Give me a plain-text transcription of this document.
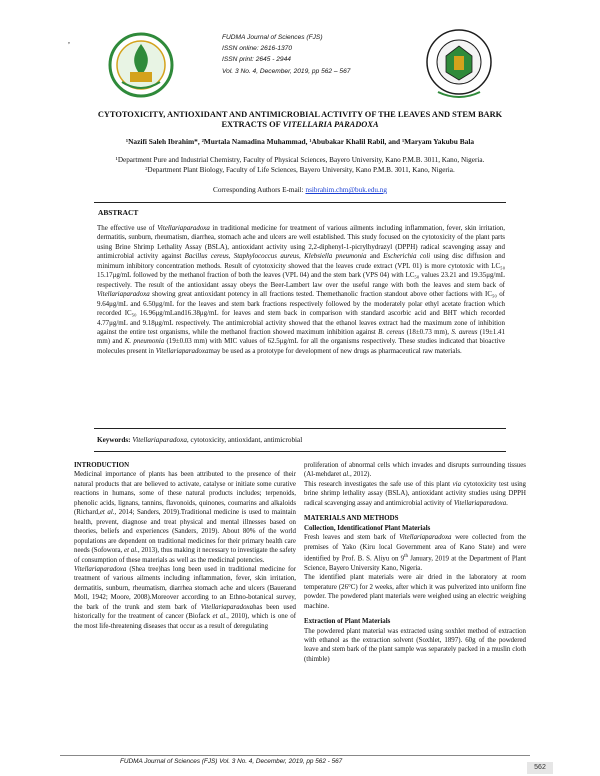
,	FUDMA Journal of Sciences (FJS)
ISSN online: 2616-1370
ISSN print: 2645 - 2944
Vol. 3 No. 4, December, 2019, pp 562 – 567
CYTOTOXICITY, ANTIOXIDANT AND ANTIMICROBIAL ACTIVITY OF THE LEAVES AND STEM BARK
EXTRACTS OF VITELLARIA PARADOXA
¹Nazifi Saleh Ibrahim*, ²Murtala Namadina Muhammad, ¹Abubakar Khalil Rabil, and ¹Maryam Yakubu Bala
¹Department Pure and Industrial Chemistry, Faculty of Physical Sciences, Bayero University, Kano P.M.B. 3011, Kano, Nigeria.
²Department Plant Biology, Faculty of Life Sciences, Bayero University, Kano P.M.B. 3011, Kano, Nigeria.
Corresponding Authors E-mail: nsibrahim.chm@buk.edu.ng
ABSTRACT
The effective use of Vitellariaparadoxa in traditional medicine for treatment of various ailments including inflammation, fever, skin irritation, dermatitis, sunburn, rheumatism, diarrhea, stomach ache and ulcers are well established. This study focused on the cytotoxicity of the plant parts using Brine Shrimp Lethality Assay (BSLA), antioxidant activity using 2,2-diphenyl-1-picrylhydrazyl (DPPH) radical scavenging assay and antimicrobial activity against Bacillus cereus, Staphylococcus aureus, Klebsiella pneumonia and Escherichia coli using disc diffusion and minimum inhibitory concentration methods. Result of cytotoxicity showed that the leaves crude extract (VPL 01) is more cytotoxic with LC₅₀ 15.17μg/mL followed by the methanol fraction of both the leaves (VPL 04) and the stem bark (VPS 04) with LC₅₀ values 23.21 and 19.35μg/mL respectively. The result of the antioxidant assay obeys the Beer-Lambert law over the useful range with both the leaves and stem back of Vitellariaparadoxa showing great antioxidant potency in all fractions tested. Themethanolic fraction standout above other factions with IC₅₀ of 9.64μg/mL and 6.50μg/mL for the leaves and stem bark fractions respectively followed by the moderately polar ethyl acetate fraction which recorded IC₅₀ 16.96μg/mLand16.38μg/mL for leaves and stem back in comparison with standard ascorbic acid and BHT which recorded 4.77μg/mL and 9.18μg/mL respectively. The antimicrobial activity showed that the ethanol leaves extract had the maximum zone of inhibition against the entire test organisms, while the methanol fraction showed maximum inhibition against B. cereus (18±0.73 mm), S. aureus (19±1.41 mm) and K. pneumonia (19±0.03 mm) with MIC values of 62.5μg/mL for all the organisms respectively. These studies indicated that bioactive molecules present in Vitellariaparadoxamay be used as a prototype for development of new drugs as pharmaceutical raw materials.
Keywords: Vitellariaparadoxa, cytotoxicity, antioxidant, antimicrobial

INTRODUCTION

Medicinal importance of plants has been attributed to the presence of their natural products that are believed to activate, catalyse or initiate some curative reactions in humans, some of these natural products includes; terpenoids, phenolic acids, lignans, tannins, flavonoids, quinones, coumarins and alkaloids (Richard,et al., 2014; Sanders, 2019).Traditional medicine is used to maintain health, prevent, diagnose and treat physical and mental illnesses based on theories, beliefs and experiences (Sanders, 2019). About 80% of the world populations are dependent on traditional medicines for their primary health care needs (Sofowora, et al., 2013), thus making it necessary to investigate the safety of consumption of these materials as well as the medicinal potencies.

Vitellariaparadoxa (Shea tree)has long been used in traditional medicine for treatment of various ailments including inflammation, fever, skin irritation, dermatitis, sunburn, rheumatism, diarrhea stomach ache and ulcers (Bauerand Moll, 1942; Moore, 2008).Moreover according to an Ethno-botanical survey, the bark of the trunk and stem bark of Vitellariaparadoxahas been used historically for the treatment of cancer (Biofack et al., 2010), which is one of the most life-threatening diseases that occur as a result of deregulating

proliferation of abnormal cells which invades and disrupts surrounding tissues (Al-mehdaret al., 2012).

This research investigates the safe use of this plant via cytotoxicity test using brine shrimp lethality assay (BSLA), antioxidant activity studies using DPPH radical scavenging assay and antimicrobial activity of Vitellariaparadoxa.

MATERIALS AND METHODS

Collection, Identificationof Plant Materials

Fresh leaves and stem bark of Vitellariaparadoxa were collected from the premises of Yako (Kiru local Government area of Kano State) and were identified by Prof. B. S. Aliyu on 9th January, 2019 at the Department of Plant Science, Bayero University Kano, Nigeria.

The identified plant materials were air dried in the laboratory at room temperature (26°C) for 2 weeks, after which it was pulverized into uniform fine powder. The powdered plant materials were weighed using an electric weighing machine.

Extraction of Plant Materials

The powdered plant material was extracted using soxhlet method of extraction with ethanol as the extraction solvent (Soxhlet, 1897). 60g of the powdered leave and stem bark of the plant sample was separately packed in a muslin cloth (thimble)

FUDMA Journal of Sciences (FJS) Vol. 3 No. 4, December, 2019, pp 562 - 567
562
